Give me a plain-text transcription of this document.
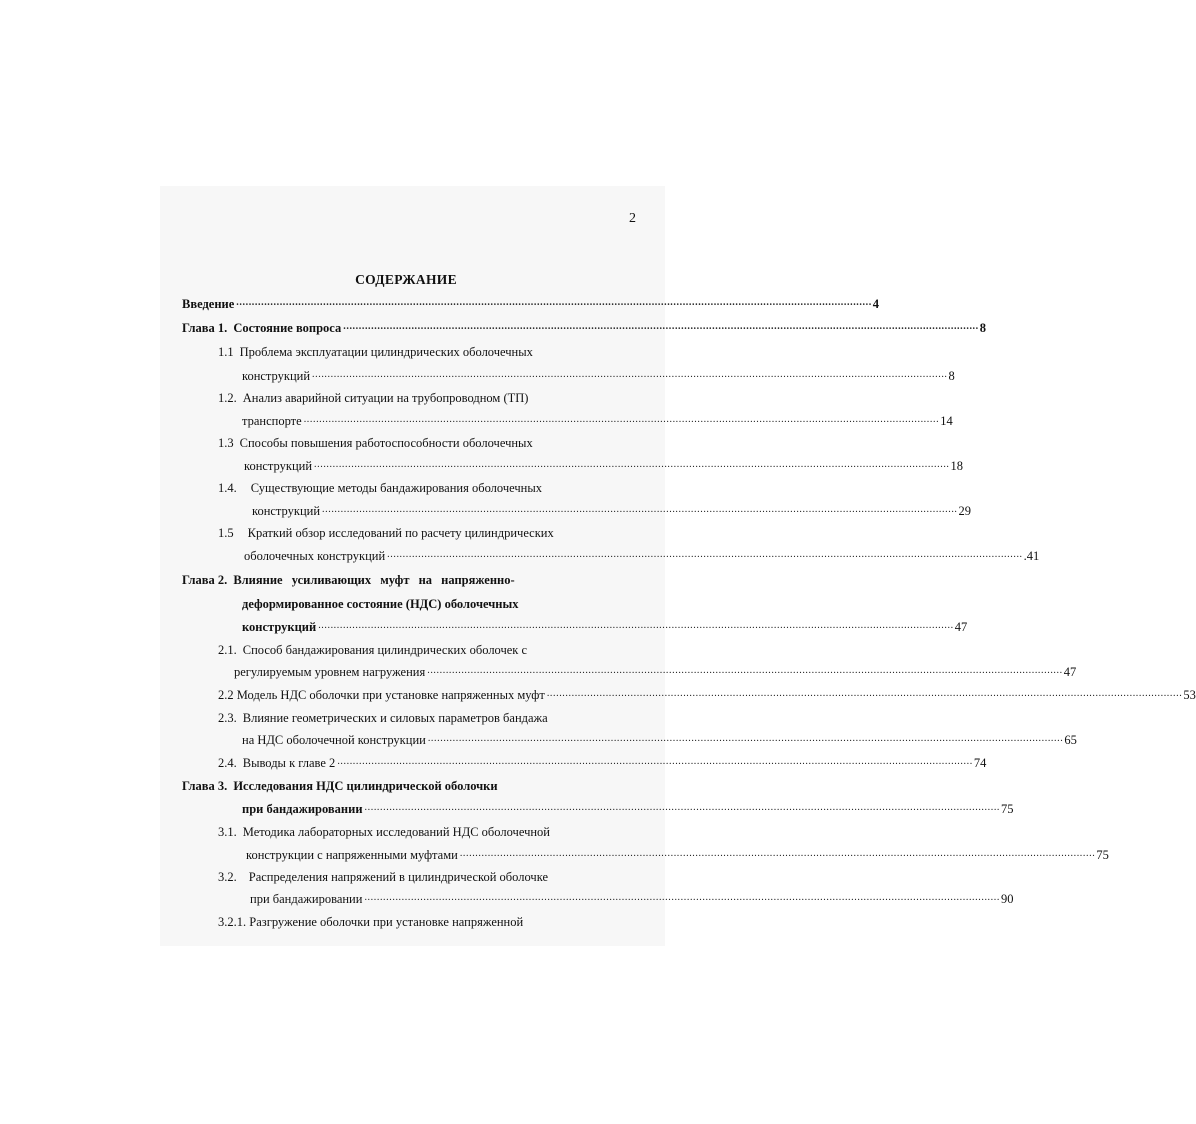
2
СОДЕРЖАНИЕ
Введение ............................................................................................................................................................................................................. 4
Глава 1. Состояние вопроса ............................................................................................................................................................................................................. 8
1.1 Проблема эксплуатации цилиндрических оболочечных
конструкций ............................................................................................................................................................................................................. 8
1.2. Анализ аварийной ситуации на трубопроводном (ТП)
транспорте ............................................................................................................................................................................................................. 14
1.3 Способы повышения работоспособности оболочечных
конструкций ............................................................................................................................................................................................................. 18
1.4. Существующие методы бандажирования оболочечных
конструкций ............................................................................................................................................................................................................. 29
1.5 Краткий обзор исследований по расчету цилиндрических
оболочечных конструкций ............................................................................................................................................................................................................. .41
Глава 2. Влияние усиливающих муфт на напряженно-
деформированное состояние (НДС) оболочечных
конструкций ............................................................................................................................................................................................................. 47
2.1. Способ бандажирования цилиндрических оболочек с
регулируемым уровнем нагружения ............................................................................................................................................................................................................. 47
2.2 Модель НДС оболочки при установке напряженных муфт ............................................................................................................................................................................................................. 53
2.3. Влияние геометрических и силовых параметров бандажа
на НДС оболочечной конструкции ............................................................................................................................................................................................................. 65
2.4. Выводы к главе 2 ............................................................................................................................................................................................................. 74
Глава 3. Исследования НДС цилиндрической оболочки
при бандажировании ............................................................................................................................................................................................................. 75
3.1. Методика лабораторных исследований НДС оболочечной
конструкции с напряженными муфтами ............................................................................................................................................................................................................. 75
3.2. Распределения напряжений в цилиндрической оболочке
при бандажировании ............................................................................................................................................................................................................. 90
3.2.1. Разгружение оболочки при установке напряженной
